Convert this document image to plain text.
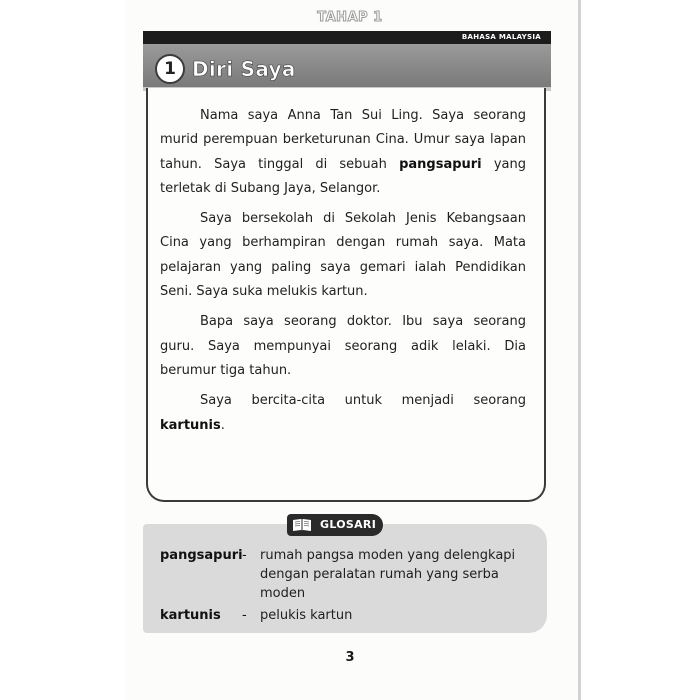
TAHAP 1
BAHASA MALAYSIA
1 Diri Saya

Nama saya Anna Tan Sui Ling. Saya seorang murid perempuan berketurunan Cina. Umur saya lapan tahun. Saya tinggal di sebuah pangsapuri yang terletak di Subang Jaya, Selangor.

Saya bersekolah di Sekolah Jenis Kebangsaan Cina yang berhampiran dengan rumah saya. Mata pelajaran yang paling saya gemari ialah Pendidikan Seni. Saya suka melukis kartun.

Bapa saya seorang doktor. Ibu saya seorang guru. Saya mempunyai seorang adik lelaki. Dia berumur tiga tahun.

Saya bercita-cita untuk menjadi seorang kartunis.

GLOSARI
pangsapuri - rumah pangsa moden yang delengkapi dengan peralatan rumah yang serba moden
kartunis - pelukis kartun
3
